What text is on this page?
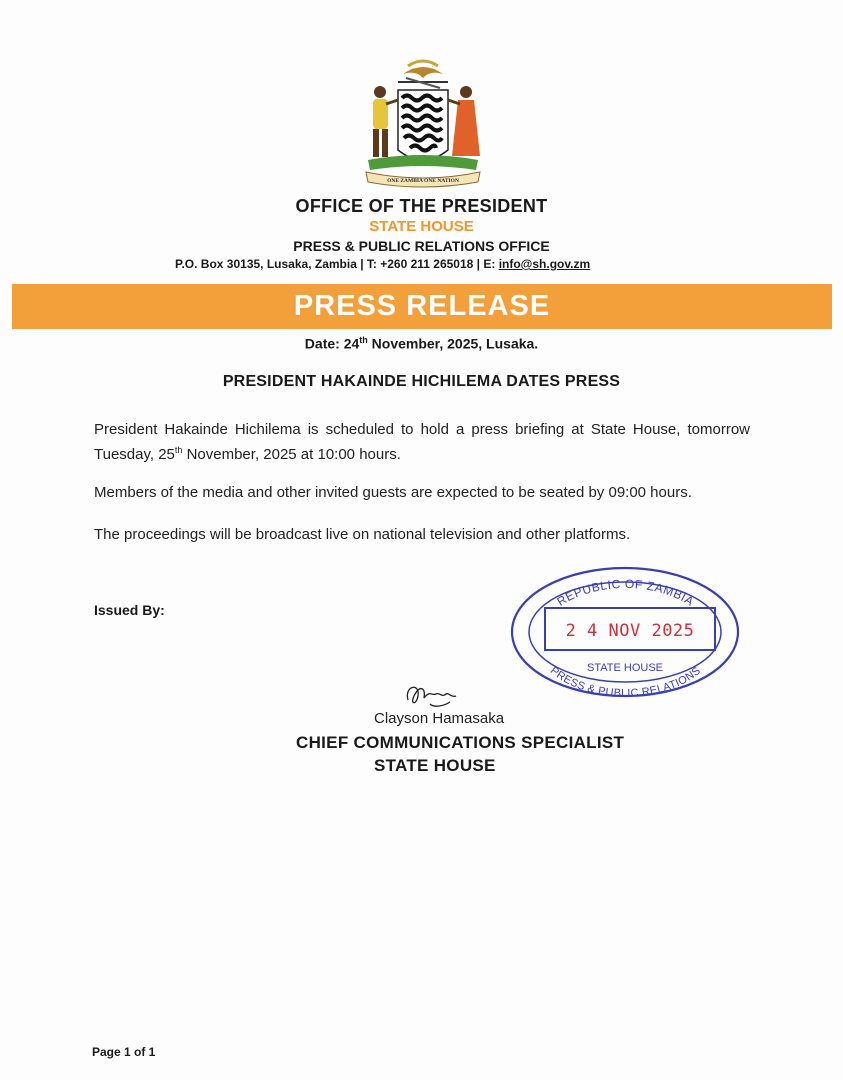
ONE ZAMBIA ONE NATION
OFFICE OF THE PRESIDENT
STATE HOUSE
PRESS & PUBLIC RELATIONS OFFICE
P.O. Box 30135, Lusaka, Zambia | T: +260 211 265018 | E: info@sh.gov.zm
PRESS RELEASE
Date: 24th November, 2025, Lusaka.
PRESIDENT HAKAINDE HICHILEMA DATES PRESS
President Hakainde Hichilema is scheduled to hold a press briefing at State House, tomorrow Tuesday, 25th November, 2025 at 10:00 hours.
Members of the media and other invited guests are expected to be seated by 09:00 hours.
The proceedings will be broadcast live on national television and other platforms.
Issued By:
REPUBLIC OF ZAMBIA
STATE HOUSE
PRESS & PUBLIC RELATIONS
2 4 NOV 2025
Clayson Hamasaka
CHIEF COMMUNICATIONS SPECIALIST
STATE HOUSE
Page 1 of 1
